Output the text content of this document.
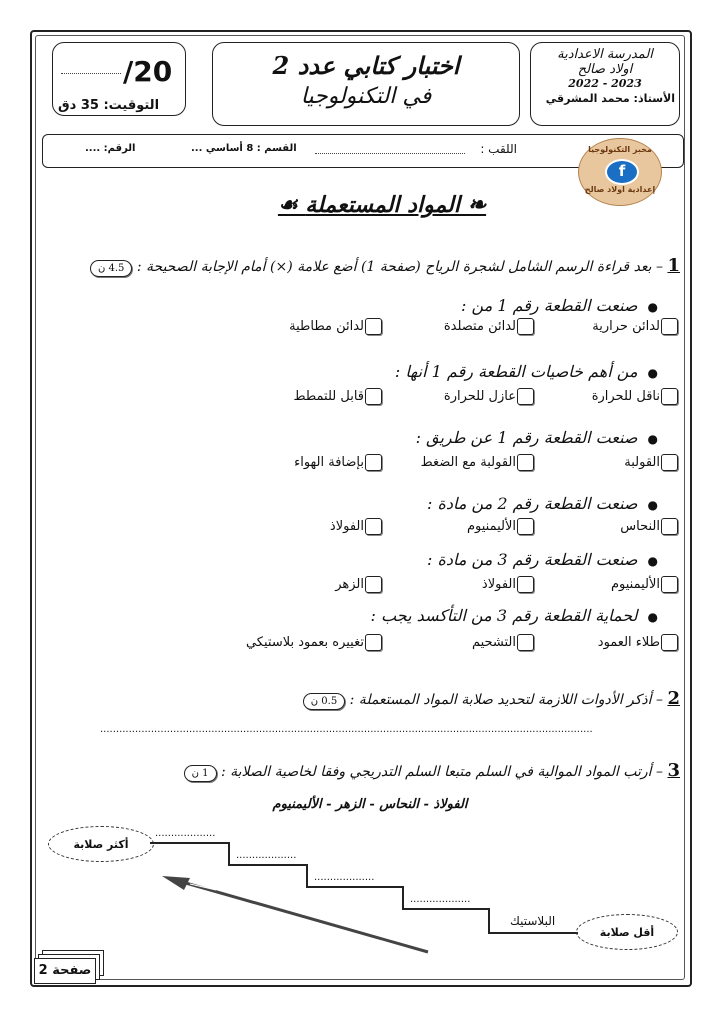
/20
التوقيت: 35 دق
اختبار كتابي عدد 2
في التكنولوجيا
المدرسة الاعدادية
اولاد صالح
2022 - 2023
الأستاذ: محمد المشرقي
اللقب :
القسم : 8 أساسي ...
الرقم: ....	مخبر التكنولوجيا
f
إعدادية اولاد صالح
❧ المواد المستعملة ☙
1 – بعد قراءة الرسم الشامل لشجرة الرياح (صفحة 1) أضع علامة (×) أمام الإجابة الصحيحة : 4.5 ن
●صنعت القطعة رقم 1 من :
لدائن حرارية
لدائن متصلدة
لدائن مطاطية
●من أهم خاصيات القطعة رقم 1 أنها :
ناقل للحرارة
عازل للحرارة
قابل للتمطط
●صنعت القطعة رقم 1 عن طريق :
القولبة
القولبة مع الضغط
بإضافة الهواء
●صنعت القطعة رقم 2 من مادة :
النحاس
الأليمنيوم
الفولاذ
●صنعت القطعة رقم 3 من مادة :
الأليمنيوم
الفولاذ
الزهر
●لحماية القطعة رقم 3 من التأكسد يجب :
طلاء العمود
التشحيم
تغييره بعمود بلاستيكي
2 – أذكر الأدوات اللازمة لتحديد صلابة المواد المستعملة : 0.5 ن
...........................................................................................................................................................
3 – أرتب المواد الموالية في السلم متبعا السلم التدريجي وفقا لخاصية الصلابة : 1 ن
الفولاذ - النحاس - الزهر - الأليمنيوم
أكثر صلابة
...................
...................
...................
...................
البلاستيك
أقل صلابة
صفحة 2
